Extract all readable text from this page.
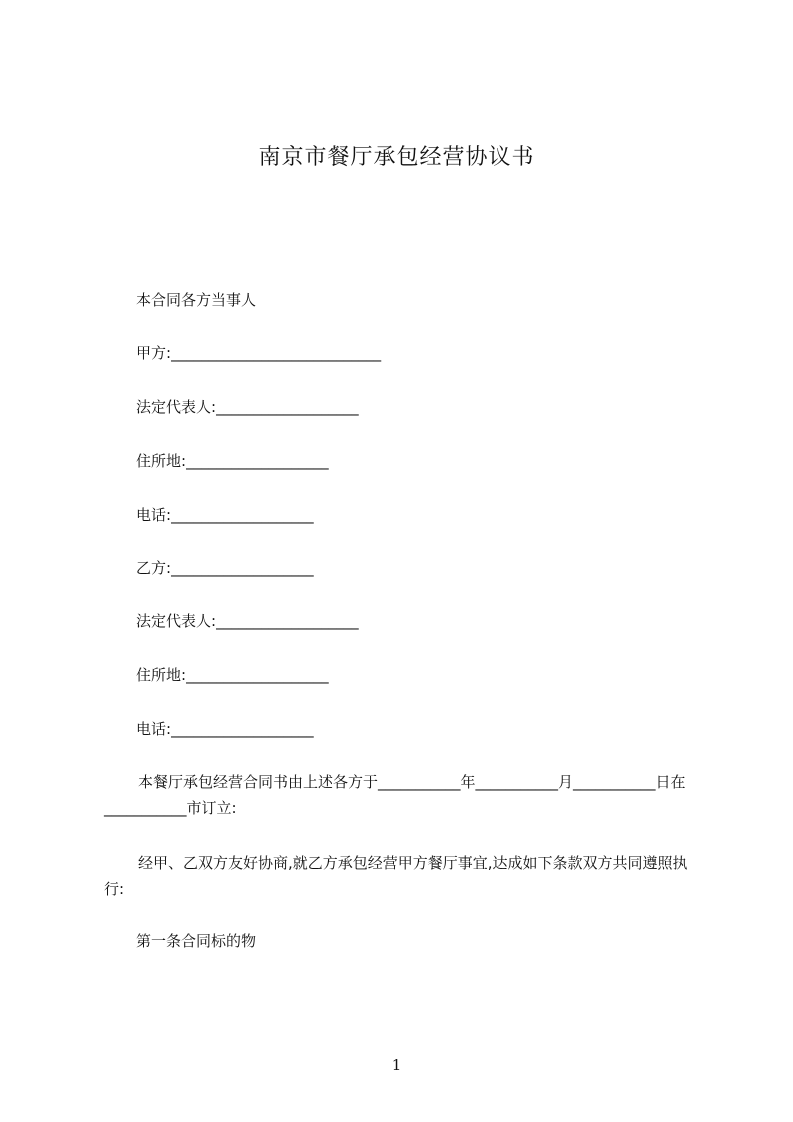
南京市餐厅承包经营协议书
本合同各方当事人
甲方:____________________________
法定代表人:___________________
住所地:___________________
电话:___________________
乙方:___________________
法定代表人:___________________
住所地:___________________
电话:___________________
本餐厅承包经营合同书由上述各方于___________年___________月___________日在___________市订立:
经甲、乙双方友好协商,就乙方承包经营甲方餐厅事宜,达成如下条款双方共同遵照执行:
第一条合同标的物
1
